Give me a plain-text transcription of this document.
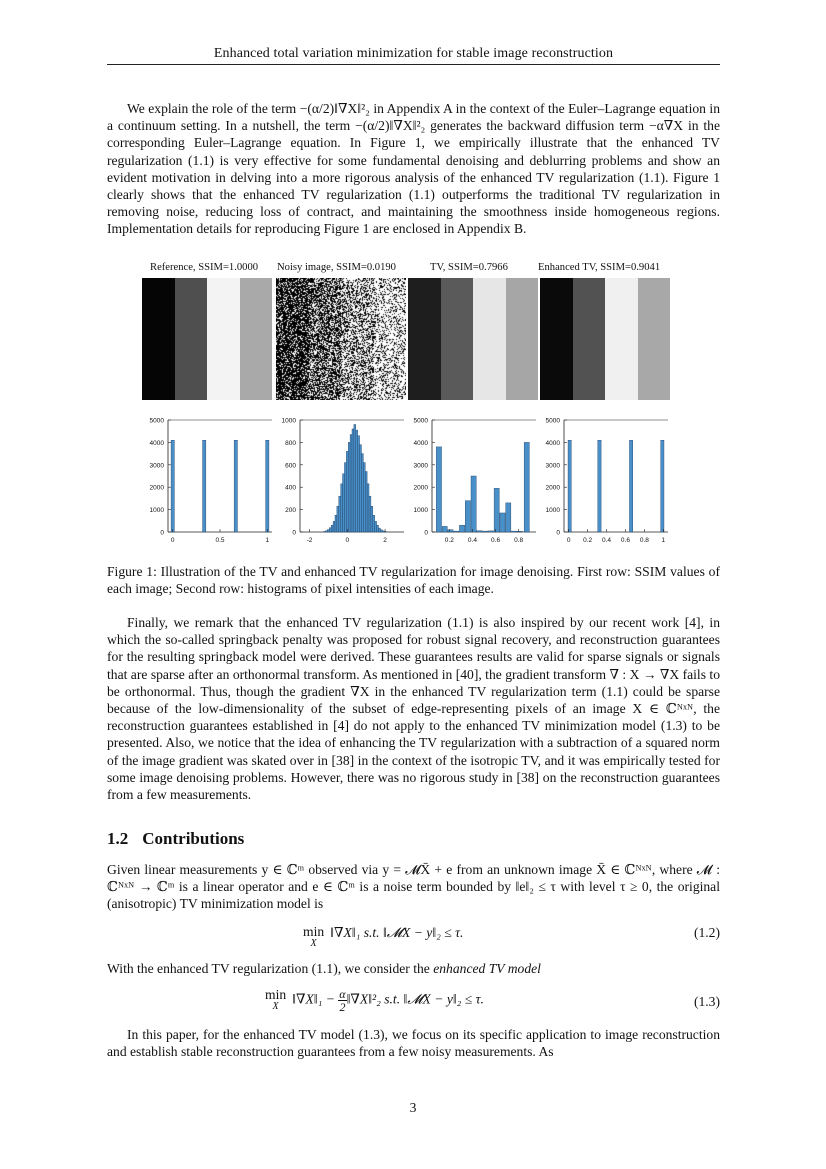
Enhanced total variation minimization for stable image reconstruction
We explain the role of the term −(α/2)‖∇X‖²₂ in Appendix A in the context of the Euler–Lagrange equation in a continuum setting. In a nutshell, the term −(α/2)‖∇X‖²₂ generates the backward diffusion term −α∇X in the corresponding Euler–Lagrange equation. In Figure 1, we empirically illustrate that the enhanced TV regularization (1.1) is very effective for some fundamental denoising and deblurring problems and show an evident motivation in delving into a more rigorous analysis of the enhanced TV regularization (1.1). Figure 1 clearly shows that the enhanced TV regularization (1.1) outperforms the traditional TV regularization in removing noise, reducing loss of contract, and maintaining the smoothness inside homogeneous regions. Implementation details for reproducing Figure 1 are enclosed in Appendix B.
Reference, SSIM=1.0000 Noisy image, SSIM=0.0190	TV, SSIM=0.7966	Enhanced TV, SSIM=0.9041
0
1000
2000
3000
4000
5000
0	0.5	1
0
200
400
600
800
1000
-2	0	2
0
1000
2000
3000
4000
5000
0.2 0.4 0.6 0.8
0
1000
2000
3000
4000
5000
0 0.2 0.4 0.6 0.8 1
Figure 1: Illustration of the TV and enhanced TV regularization for image denoising. First row: SSIM values of each image; Second row: histograms of pixel intensities of each image.
Finally, we remark that the enhanced TV regularization (1.1) is also inspired by our recent work [4], in which the so-called springback penalty was proposed for robust signal recovery, and reconstruction guarantees for the resulting springback model were derived. These guarantees results are valid for sparse signals or signals that are sparse after an orthonormal transform. As mentioned in [40], the gradient transform ∇ : X → ∇X fails to be orthonormal. Thus, though the gradient ∇X in the enhanced TV regularization term (1.1) could be sparse because of the low-dimensionality of the subset of edge-representing pixels of an image X ∈ ℂᴺˣᴺ, the reconstruction guarantees established in [4] do not apply to the enhanced TV minimization model (1.3) to be presented. Also, we notice that the idea of enhancing the TV regularization with a subtraction of a squared norm of the image gradient was skated over in [38] in the context of the isotropic TV, and it was empirically tested for some image denoising problems. However, there was no rigorous study in [38] on the reconstruction guarantees from a few measurements.
1.2 Contributions
Given linear measurements y ∈ ℂᵐ observed via y = 𝓜X̄ + e from an unknown image X̄ ∈ ℂᴺˣᴺ, where 𝓜 : ℂᴺˣᴺ → ℂᵐ is a linear operator and e ∈ ℂᵐ is a noise term bounded by ‖e‖₂ ≤ τ with level τ ≥ 0, the original (anisotropic) TV minimization model is
min
X
‖∇X‖₁ s.t. ‖𝓜X − y‖₂ ≤ τ.	(1.2)
With the enhanced TV regularization (1.1), we consider the enhanced TV model
min
X ‖∇X‖₁ − $\frac{\alpha}{2}$ ‖∇X‖²₂ s.t. ‖𝓜X − y‖₂ ≤ τ.	(1.3)
In this paper, for the enhanced TV model (1.3), we focus on its specific application to image reconstruction and establish stable reconstruction guarantees from a few noisy measurements. As
3
